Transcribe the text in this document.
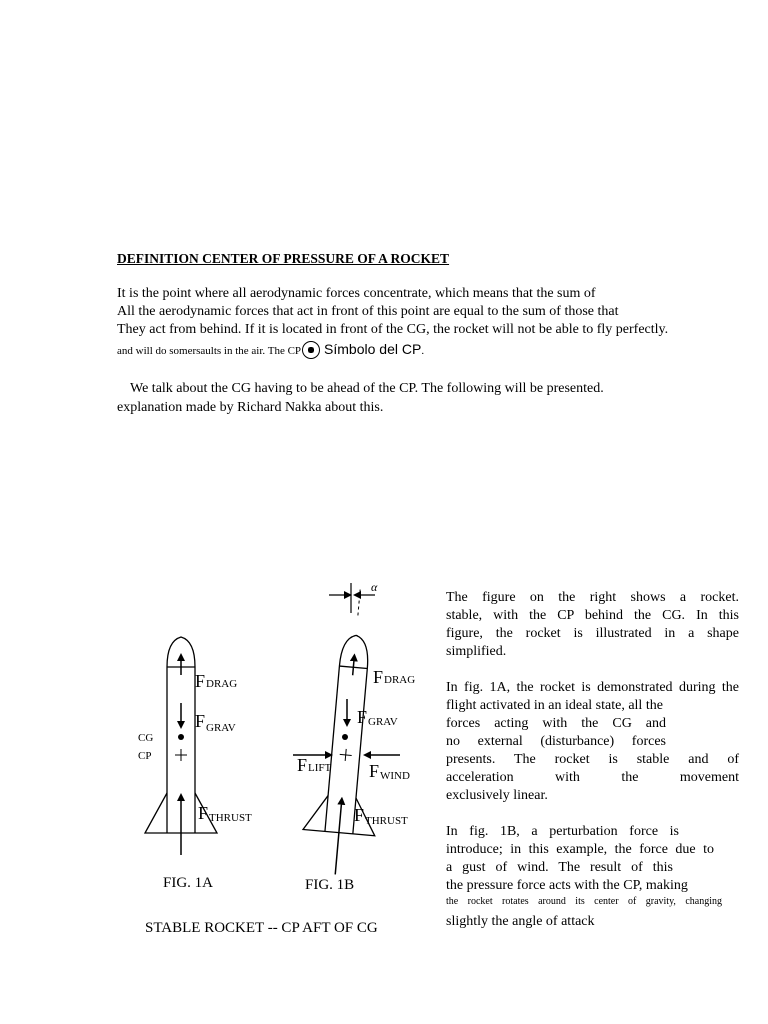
DEFINITION CENTER OF PRESSURE OF A ROCKET
It is the point where all aerodynamic forces concentrate, which means that the sum of
All the aerodynamic forces that act in front of this point are equal to the sum of those that
They act from behind. If it is located in front of the CG, the rocket will not be able to fly perfectly.
and will do somersaults in the air. The CP Símbolo del CP.
We talk about the CG having to be ahead of the CP. The following will be presented.
explanation made by Richard Nakka about this.
CG
CP
F DRAG
F GRAV
F THRUST
α
F DRAG
F GRAV
F LIFT F WIND
F THRUST
FIG. 1A	FIG. 1B
STABLE ROCKET -- CP AFT OF CG
The figure on the right shows a rocket.
stable, with the CP behind the CG. In this
figure, the rocket is illustrated in a shape
simplified.
In fig. 1A, the rocket is demonstrated during the
flight activated in an ideal state, all the
forces acting with the CG and
no external (disturbance) forces
presents. The rocket is stable and of
acceleration with the movement
exclusively linear.
In fig. 1B, a perturbation force is
introduce; in this example, the force due to
a gust of wind. The result of this
the pressure force acts with the CP, making
the rocket rotates around its center of gravity, changing
slightly the angle of attack
